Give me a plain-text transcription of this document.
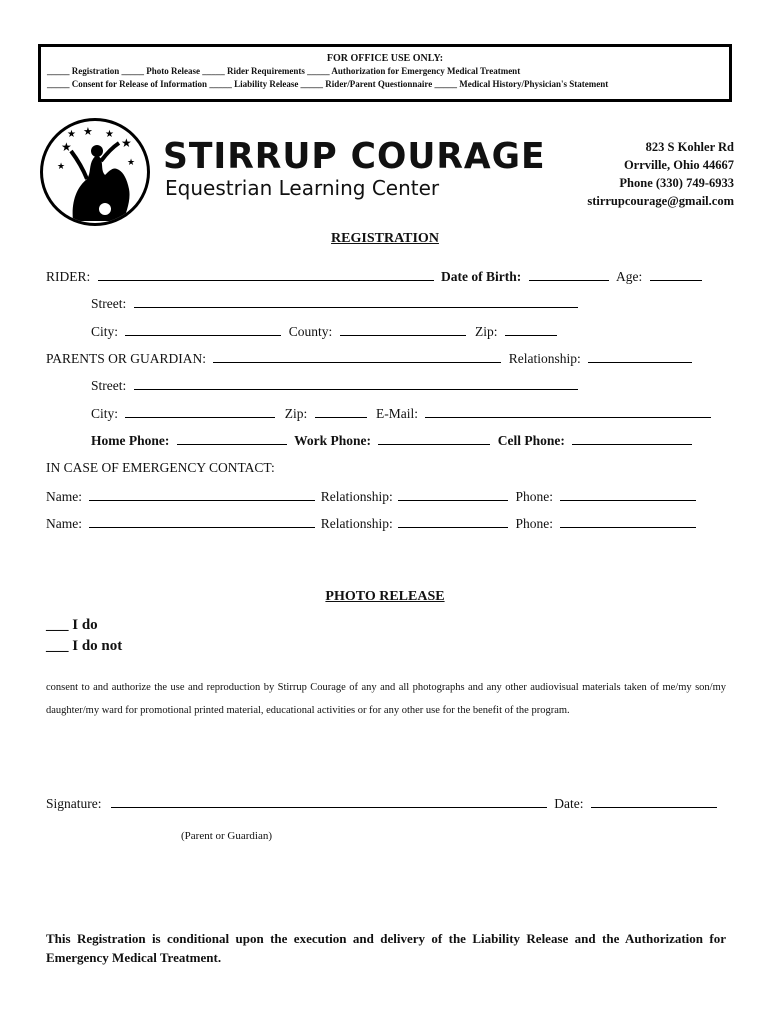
FOR OFFICE USE ONLY:
_____ Registration _____ Photo Release _____ Rider Requirements _____ Authorization for Emergency Medical Treatment
_____ Consent for Release of Information _____ Liability Release _____ Rider/Parent Questionnaire _____ Medical History/Physician's Statement
★
★ ★ ★
★
★	★ STIRRUP COURAGE
Equestrian Learning Center
823 S Kohler Rd
Orrville, Ohio 44667
Phone (330) 749-6933
stirrupcourage@gmail.com
REGISTRATION
RIDER:	Date of Birth:	Age:
Street:
City:	County:	Zip:
PARENTS OR GUARDIAN:	Relationship:
Street:
City:	Zip:	E-Mail:
Home Phone:	Work Phone:	Cell Phone:
IN CASE OF EMERGENCY CONTACT:
Name:	Relationship:	Phone:
Name:	Relationship:	Phone:
PHOTO RELEASE
___ I do
___ I do not
consent to and authorize the use and reproduction by Stirrup Courage of any and all photographs and any other audiovisual materials taken of me/my son/my daughter/my ward for promotional printed material, educational activities or for any other use for the benefit of the program.
Signature:	Date:
(Parent or Guardian)
This Registration is conditional upon the execution and delivery of the Liability Release and the Authorization for Emergency Medical Treatment.
